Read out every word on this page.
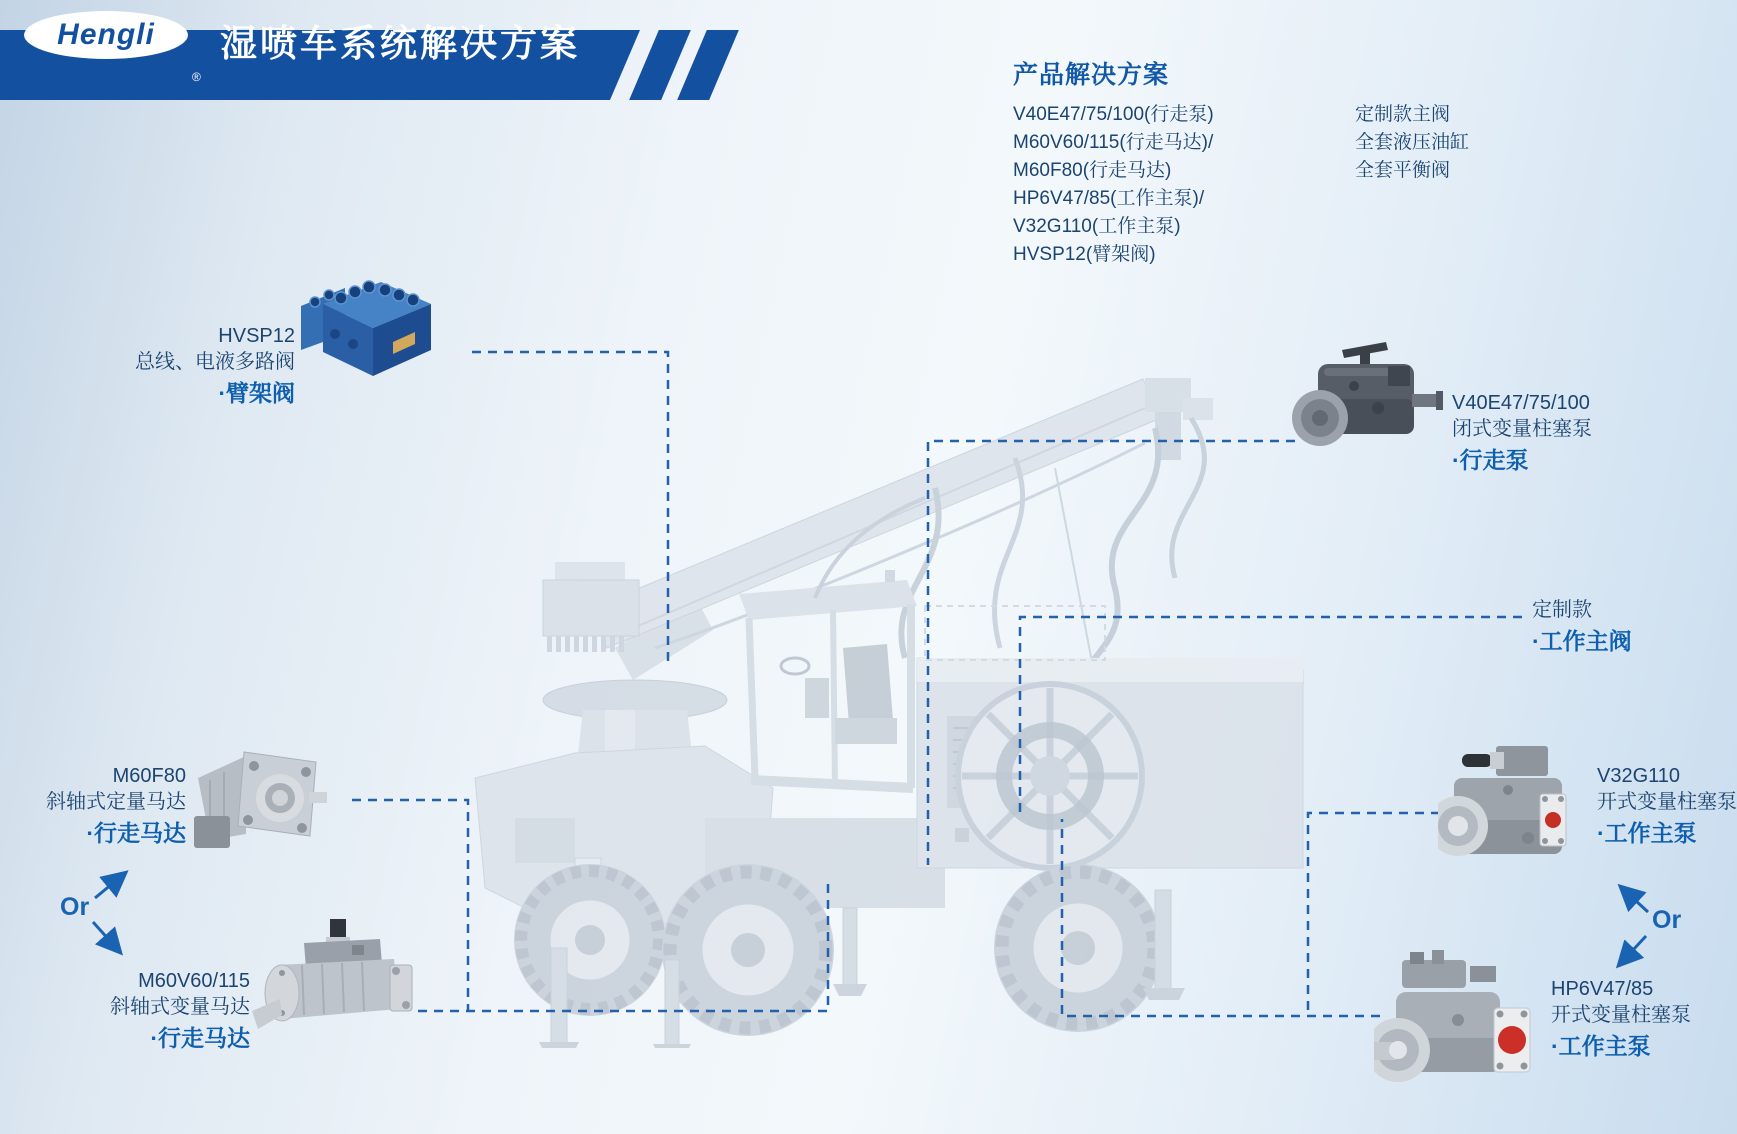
Hengli
®
湿喷车系统解决方案
产品解决方案
V40E47/75/100(行走泵)
M60V60/115(行走马达)/
M60F80(行走马达)
HP6V47/85(工作主泵)/
V32G110(工作主泵)
HVSP12(臂架阀)
定制款主阀
全套液压油缸
全套平衡阀
HVSP12
总线、电液多路阀
·臂架阀	V40E47/75/100
闭式变量柱塞泵
·行走泵
定制款
·工作主阀
M60F80
斜轴式定量马达
·行走马达
M60V60/115
斜轴式变量马达
·行走马达
V32G110
开式变量柱塞泵
·工作主泵
HP6V47/85
开式变量柱塞泵
·工作主泵
Or	Or
